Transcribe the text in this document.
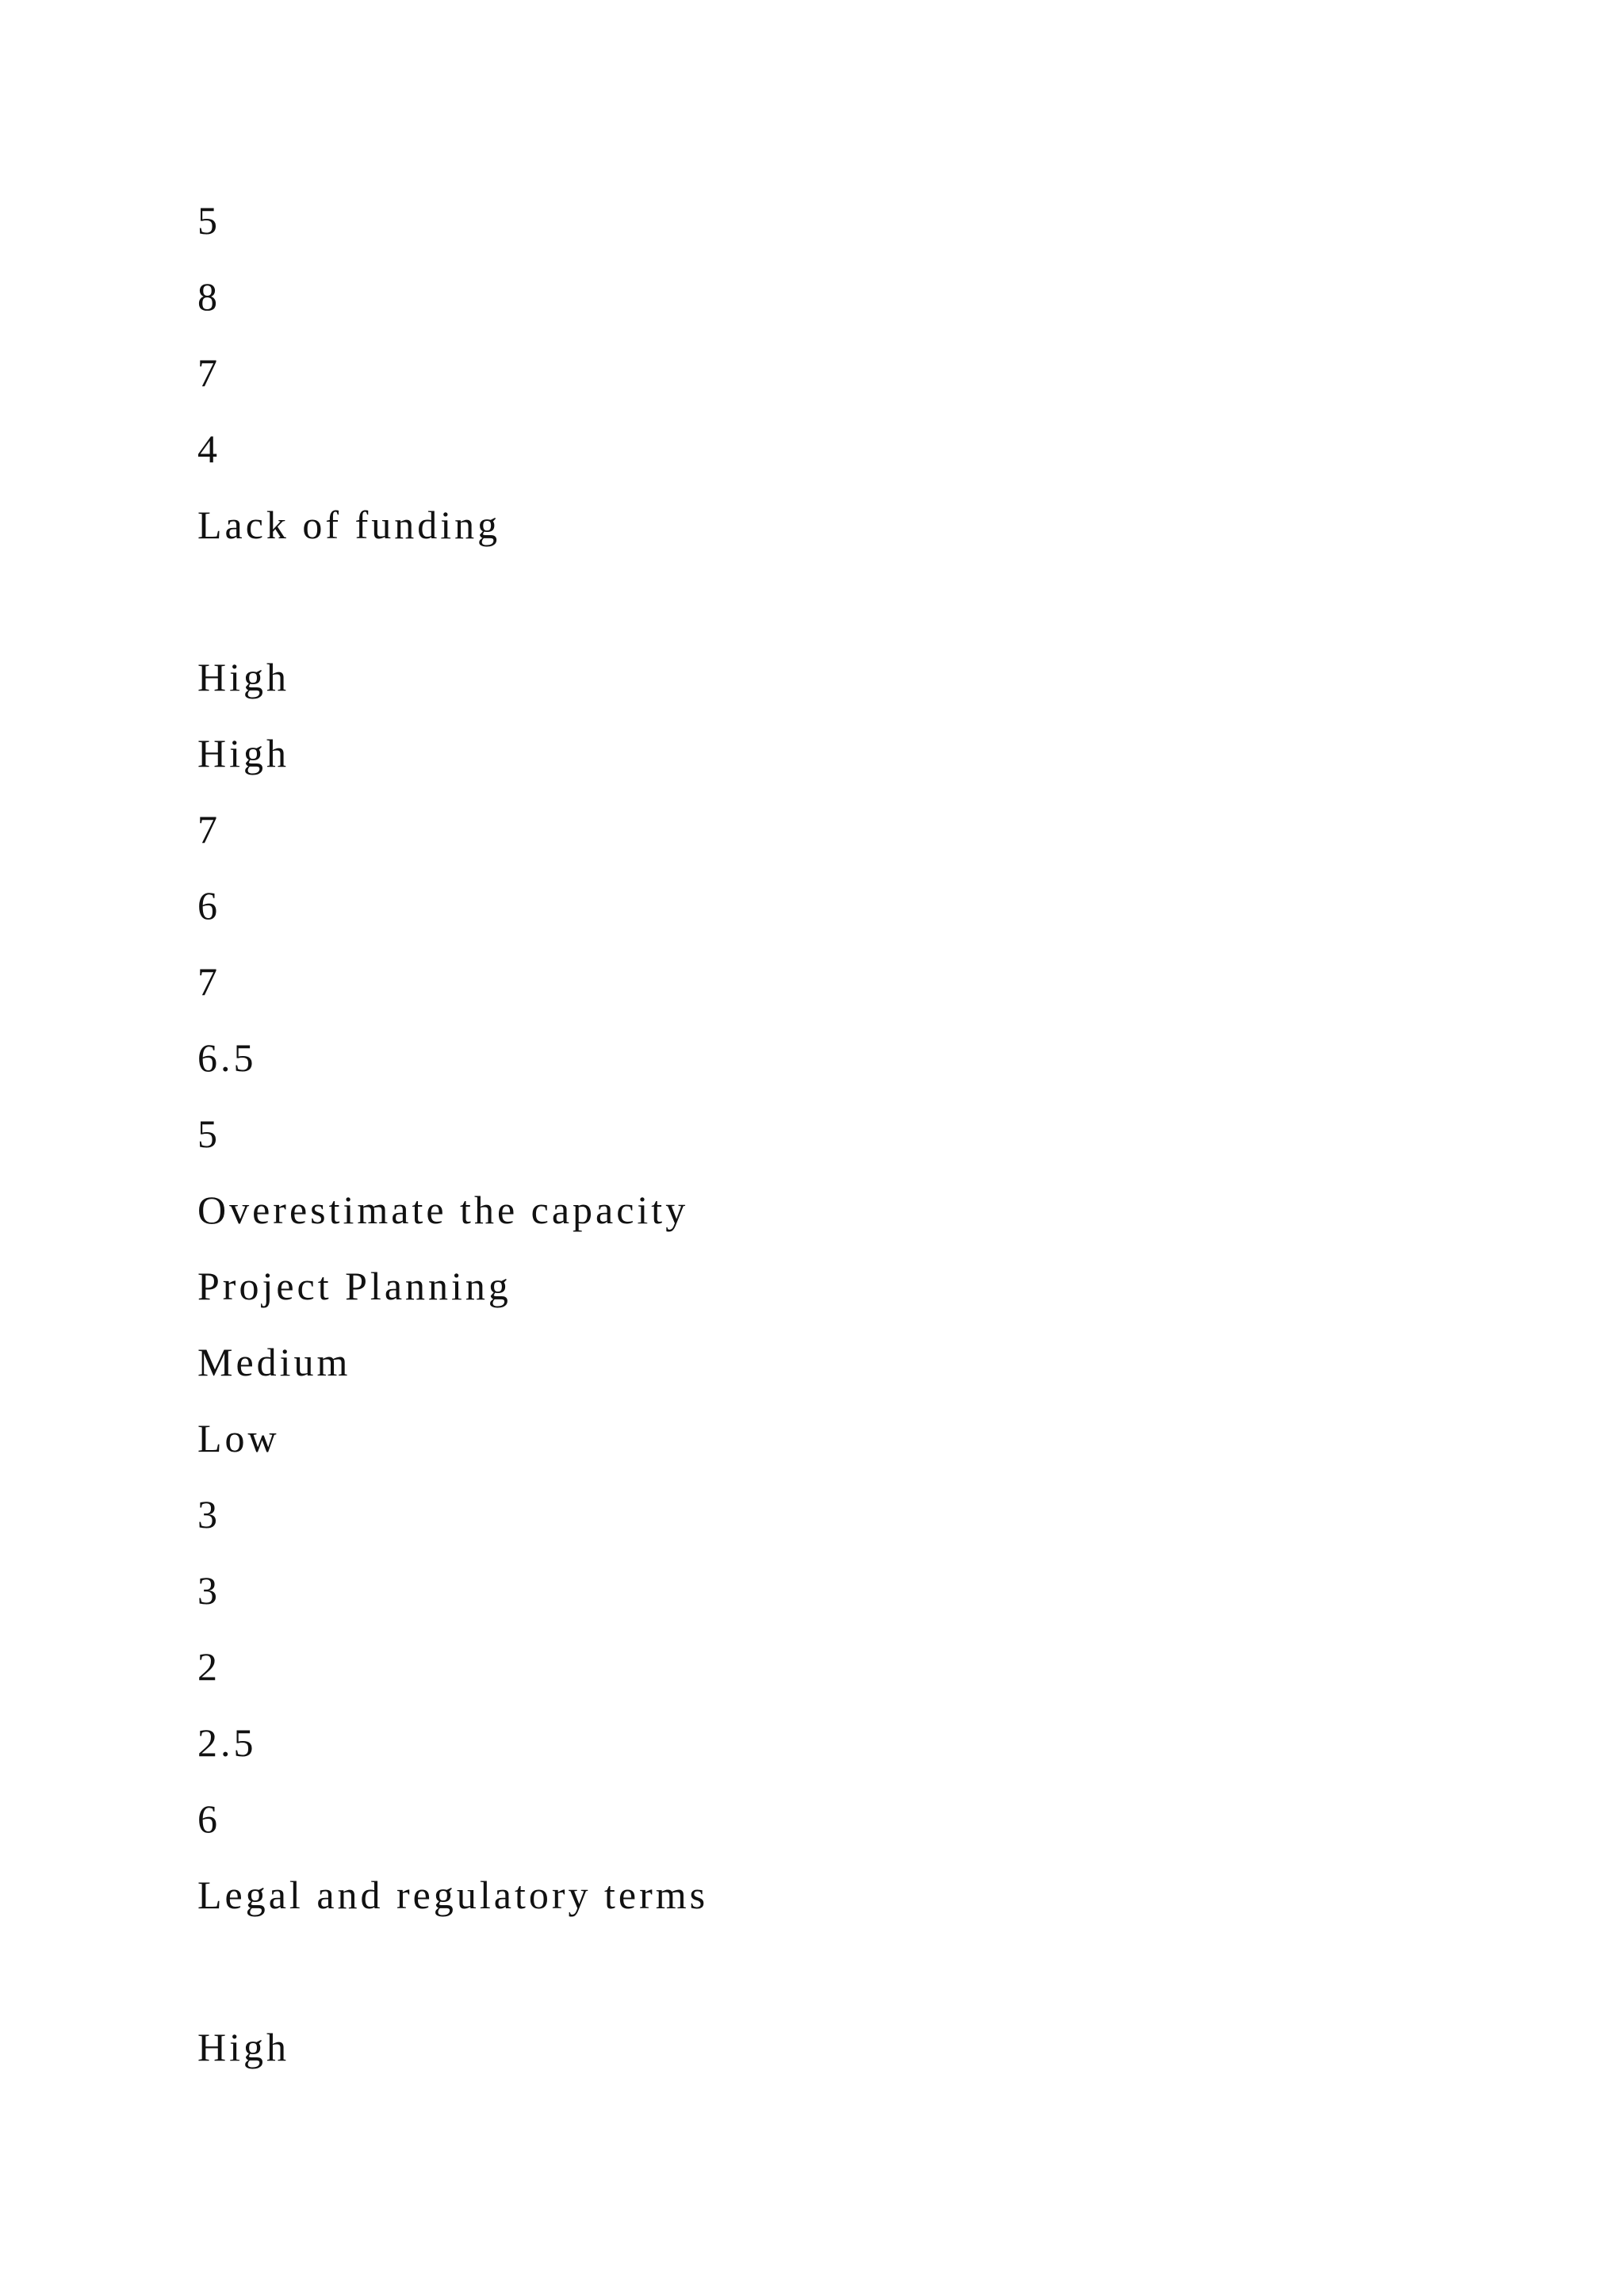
5
8
7
4
Lack of funding
High
High
7
6
7
6.5
5
Overestimate the capacity
Project Planning
Medium
Low
3
3
2
2.5
6
Legal and regulatory terms
High
